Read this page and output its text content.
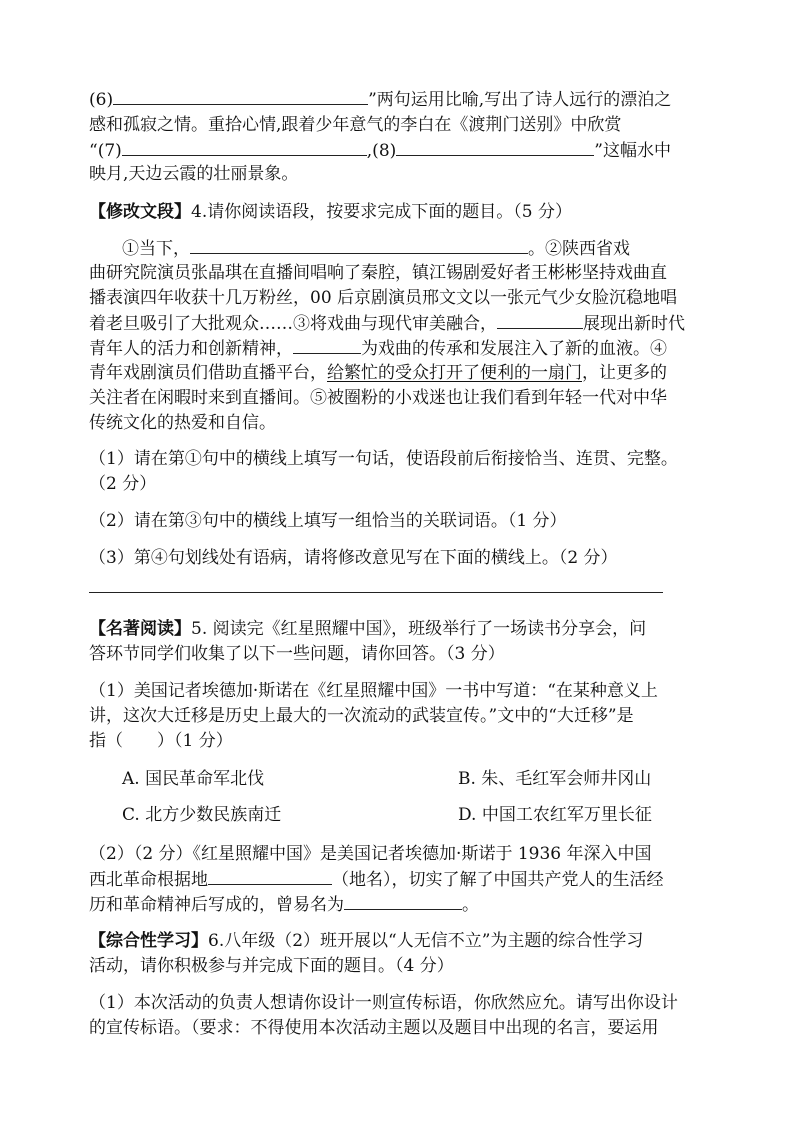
(6)	”两句运用比喻,写出了诗人远行的漂泊之
感和孤寂之情。重拾心情,跟着少年意气的李白在《渡荆门送别》中欣赏
“(7)	,(8)	”这幅水中
映月,天边云霞的壮丽景象。
【修改文段】4.请你阅读语段，按要求完成下面的题目。（5 分）
①当下，	。②陕西省戏
曲研究院演员张晶琪在直播间唱响了秦腔，镇江锡剧爱好者王彬彬坚持戏曲直
播表演四年收获十几万粉丝，00 后京剧演员邢文文以一张元气少女脸沉稳地唱
着老旦吸引了大批观众……③将戏曲与现代审美融合，	展现出新时代
青年人的活力和创新精神，	为戏曲的传承和发展注入了新的血液。④
青年戏剧演员们借助直播平台，给繁忙的受众打开了便利的一扇门，让更多的
关注者在闲暇时来到直播间。⑤被圈粉的小戏迷也让我们看到年轻一代对中华
传统文化的热爱和自信。
（1）请在第①句中的横线上填写一句话，使语段前后衔接恰当、连贯、完整。
（2 分）
（2）请在第③句中的横线上填写一组恰当的关联词语。（1 分）
（3）第④句划线处有语病，请将修改意见写在下面的横线上。（2 分）
【名著阅读】5. 阅读完《红星照耀中国》，班级举行了一场读书分享会，问
答环节同学们收集了以下一些问题，请你回答。（3 分）
（1）美国记者埃德加·斯诺在《红星照耀中国》一书中写道：“在某种意义上
讲，这次大迁移是历史上最大的一次流动的武装宣传。”文中的“大迁移”是
指（　　）（1 分）
A. 国民革命军北伐	B. 朱、毛红军会师井冈山
C. 北方少数民族南迁	D. 中国工农红军万里长征
（2）（2 分）《红星照耀中国》是美国记者埃德加·斯诺于 1936 年深入中国
西北革命根据地	（地名），切实了解了中国共产党人的生活经
历和革命精神后写成的，曾易名为	。
【综合性学习】6.八年级（2）班开展以“人无信不立”为主题的综合性学习
活动，请你积极参与并完成下面的题目。（4 分）
（1）本次活动的负责人想请你设计一则宣传标语，你欣然应允。请写出你设计
的宣传标语。（要求：不得使用本次活动主题以及题目中出现的名言，要运用
